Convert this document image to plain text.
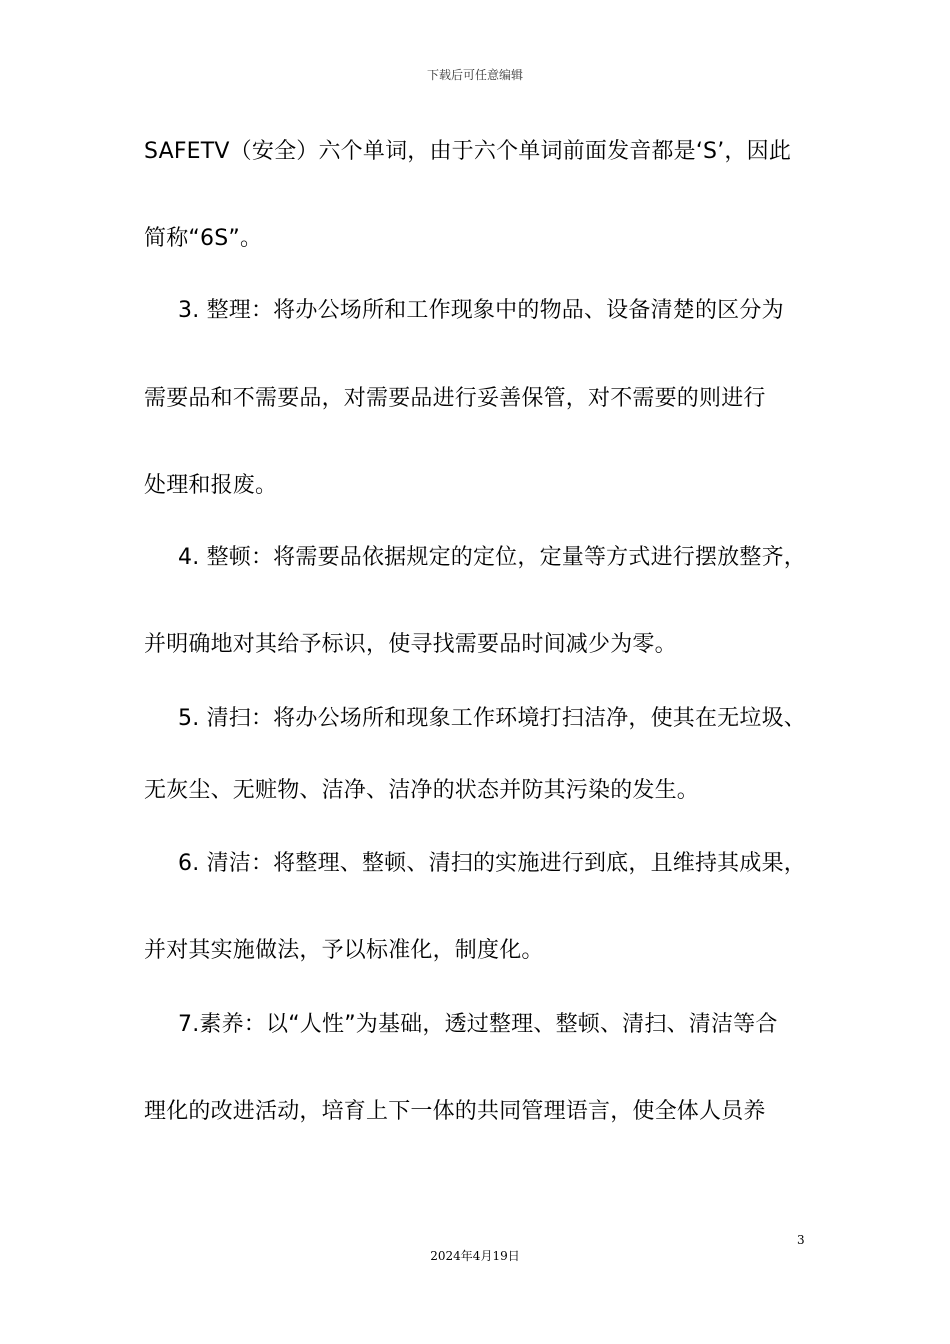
下载后可任意编辑
SAFETV（安全）六个单词，由于六个单词前面发音都是‘S’，因此
简称“6S”。
3. 整理：将办公场所和工作现象中的物品、设备清楚的区分为
需要品和不需要品，对需要品进行妥善保管，对不需要的则进行
处理和报废。
4. 整顿：将需要品依据规定的定位，定量等方式进行摆放整齐，
并明确地对其给予标识，使寻找需要品时间减少为零。
5. 清扫：将办公场所和现象工作环境打扫洁净，使其在无垃圾、
无灰尘、无赃物、洁净、洁净的状态并防其污染的发生。
6. 清洁：将整理、整顿、清扫的实施进行到底，且维持其成果，
并对其实施做法，予以标准化，制度化。
7.素养：以“人性”为基础，透过整理、整顿、清扫、清洁等合
理化的改进活动，培育上下一体的共同管理语言，使全体人员养
3
2024年4月19日
